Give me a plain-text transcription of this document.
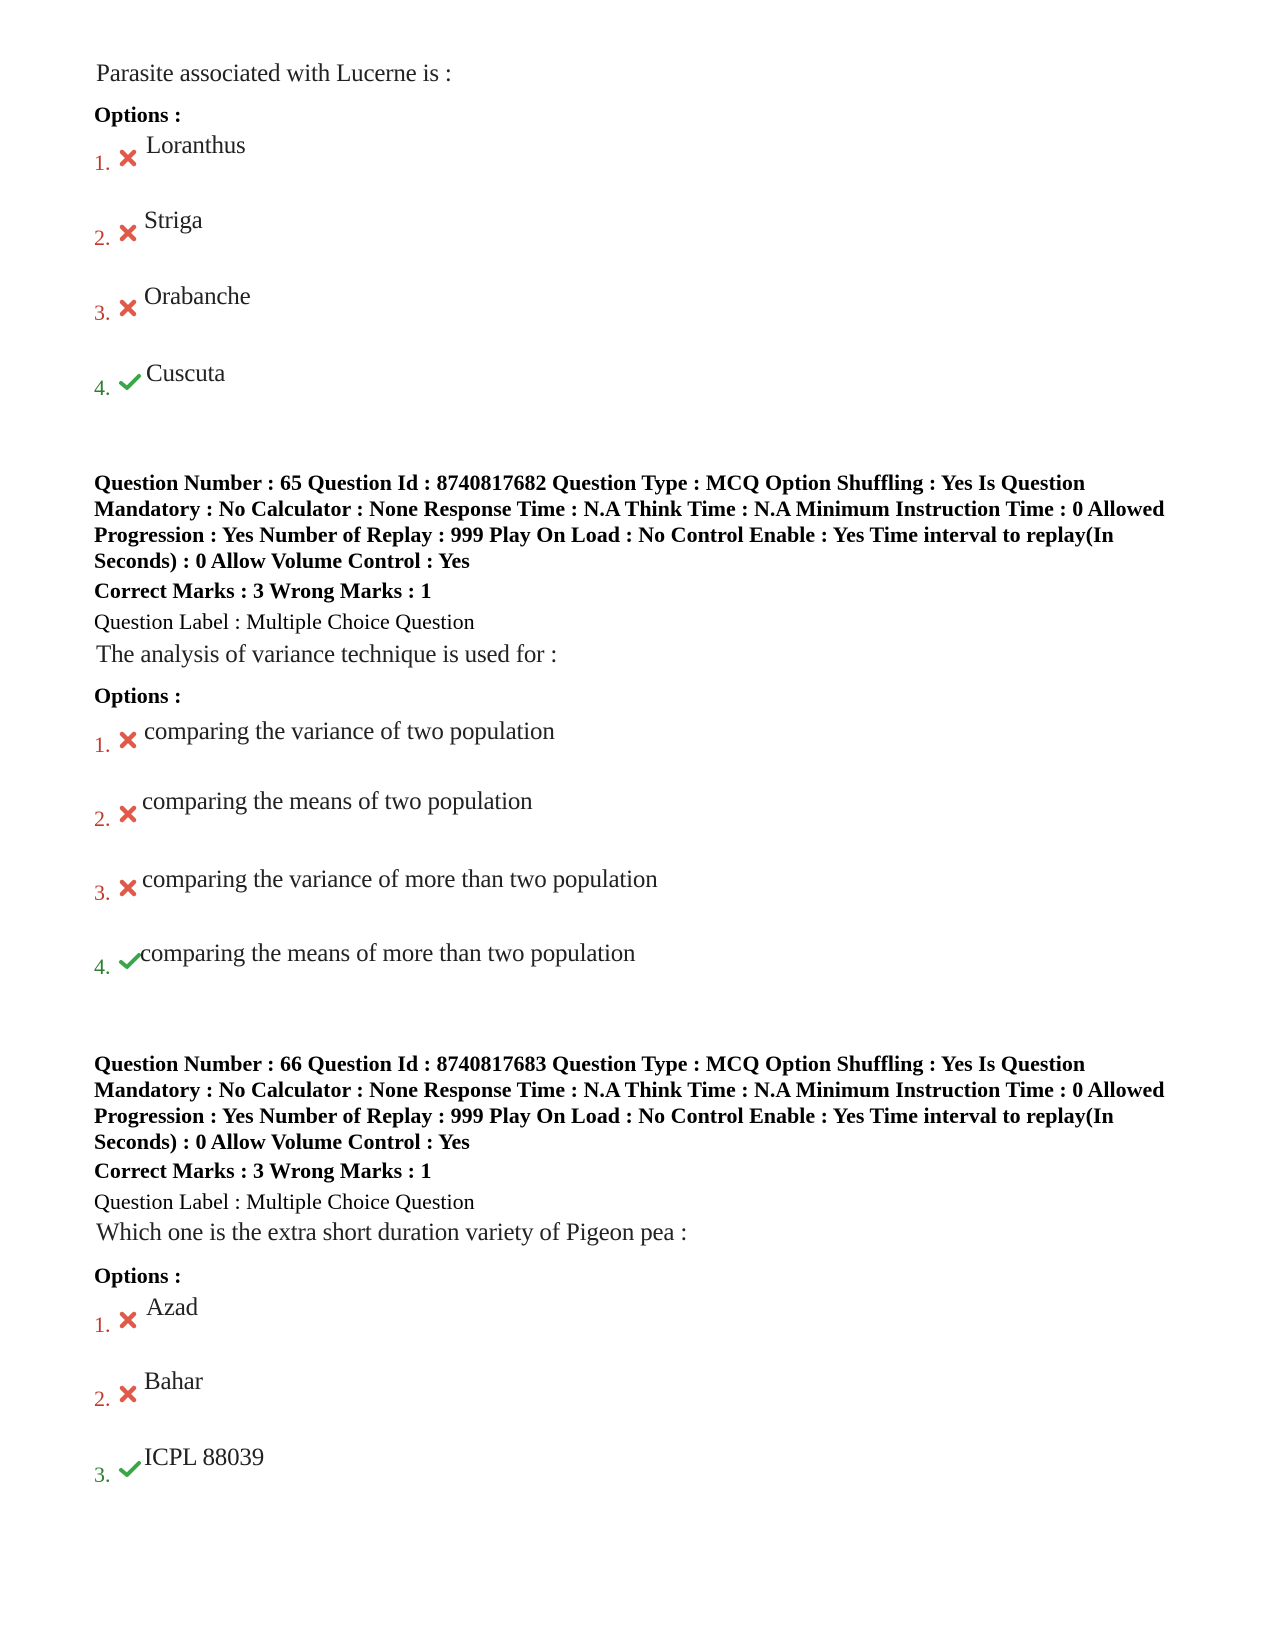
Parasite associated with Lucerne is :
Options :
1.
Loranthus
2.
Striga
3.
Orabanche
4.
Cuscuta
Question Number : 65 Question Id : 8740817682 Question Type : MCQ Option Shuffling : Yes Is Question Mandatory : No Calculator : None Response Time : N.A Think Time : N.A Minimum Instruction Time : 0 Allowed Progression : Yes Number of Replay : 999 Play On Load : No Control Enable : Yes Time interval to replay(In Seconds) : 0 Allow Volume Control : Yes
Correct Marks : 3 Wrong Marks : 1
Question Label : Multiple Choice Question
The analysis of variance technique is used for :
Options :
1. comparing the variance of two population
2.
comparing the means of two population
3. comparing the variance of more than two population
4. comparing the means of more than two population
Question Number : 66 Question Id : 8740817683 Question Type : MCQ Option Shuffling : Yes Is Question Mandatory : No Calculator : None Response Time : N.A Think Time : N.A Minimum Instruction Time : 0 Allowed Progression : Yes Number of Replay : 999 Play On Load : No Control Enable : Yes Time interval to replay(In Seconds) : 0 Allow Volume Control : Yes
Correct Marks : 3 Wrong Marks : 1
Question Label : Multiple Choice Question
Which one is the extra short duration variety of Pigeon pea :
Options :
1.
Azad
2.
Bahar
3.
ICPL 88039
